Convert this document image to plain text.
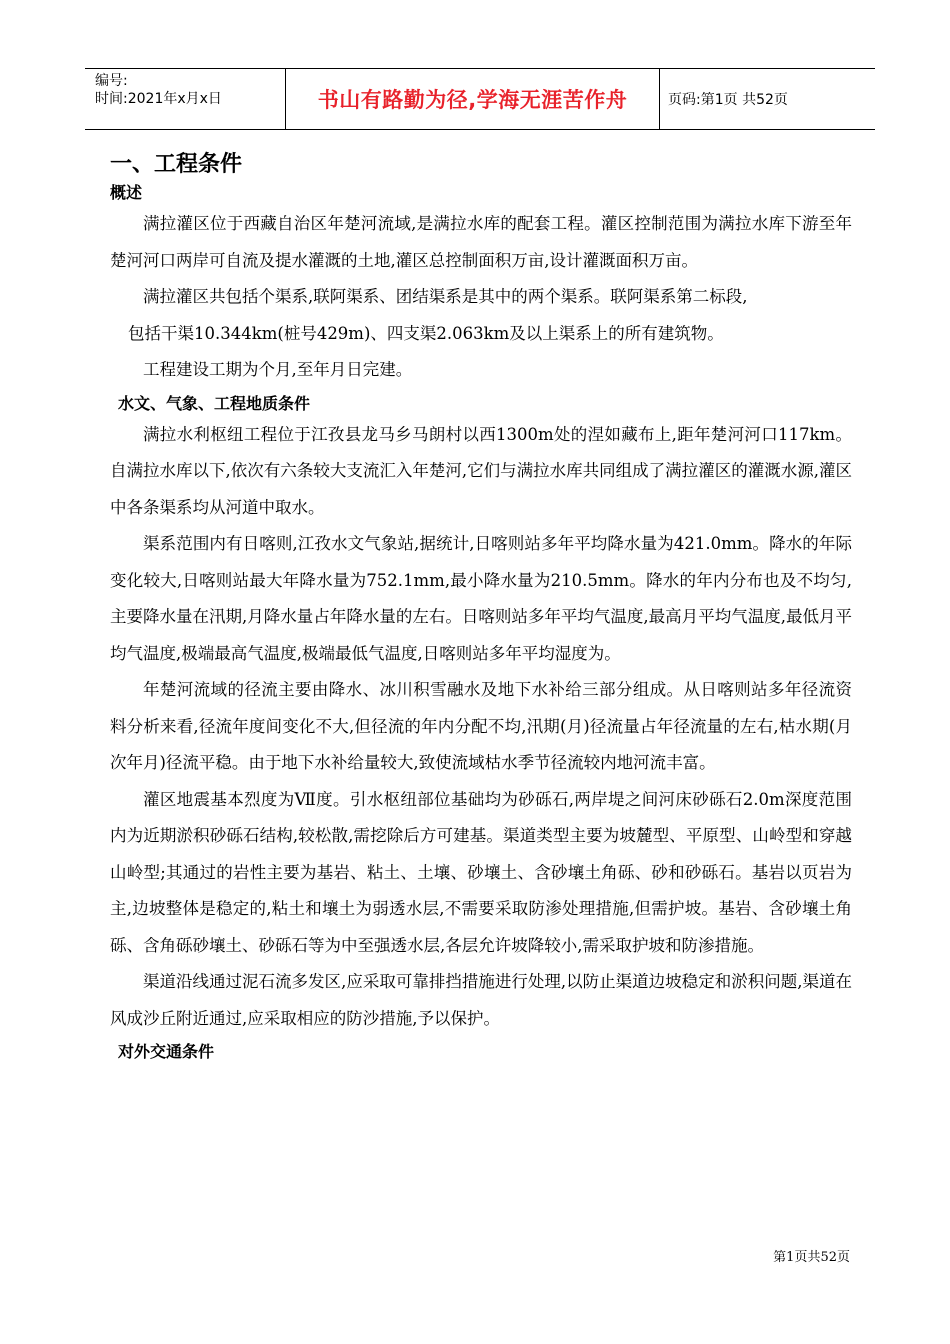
编号:
时间:2021年x月x日	书山有路勤为径,学海无涯苦作舟	页码:第1页 共52页
一、工程条件
概述

满拉灌区位于西藏自治区年楚河流域,是满拉水库的配套工程。灌区控制范围为满拉水库下游至年楚河河口两岸可自流及提水灌溉的土地,灌区总控制面积万亩,设计灌溉面积万亩。

满拉灌区共包括个渠系,联阿渠系、团结渠系是其中的两个渠系。联阿渠系第二标段,

包括干渠10.344km(桩号429m)、四支渠2.063km及以上渠系上的所有建筑物。

工程建设工期为个月,至年月日完建。

水文、气象、工程地质条件

满拉水利枢纽工程位于江孜县龙马乡马朗村以西1300m处的涅如藏布上,距年楚河河口117km。自满拉水库以下,依次有六条较大支流汇入年楚河,它们与满拉水库共同组成了满拉灌区的灌溉水源,灌区中各条渠系均从河道中取水。

渠系范围内有日喀则,江孜水文气象站,据统计,日喀则站多年平均降水量为421.0mm。降水的年际变化较大,日喀则站最大年降水量为752.1mm,最小降水量为210.5mm。降水的年内分布也及不均匀,主要降水量在汛期,月降水量占年降水量的左右。日喀则站多年平均气温度,最高月平均气温度,最低月平均气温度,极端最高气温度,极端最低气温度,日喀则站多年平均湿度为。

年楚河流域的径流主要由降水、冰川积雪融水及地下水补给三部分组成。从日喀则站多年径流资料分析来看,径流年度间变化不大,但径流的年内分配不均,汛期(月)径流量占年径流量的左右,枯水期(月次年月)径流平稳。由于地下水补给量较大,致使流域枯水季节径流较内地河流丰富。

灌区地震基本烈度为Ⅶ度。引水枢纽部位基础均为砂砾石,两岸堤之间河床砂砾石2.0m深度范围内为近期淤积砂砾石结构,较松散,需挖除后方可建基。渠道类型主要为坡麓型、平原型、山岭型和穿越山岭型;其通过的岩性主要为基岩、粘土、土壤、砂壤土、含砂壤土角砾、砂和砂砾石。基岩以页岩为主,边坡整体是稳定的,粘土和壤土为弱透水层,不需要采取防渗处理措施,但需护坡。基岩、含砂壤土角砾、含角砾砂壤土、砂砾石等为中至强透水层,各层允许坡降较小,需采取护坡和防渗措施。

渠道沿线通过泥石流多发区,应采取可靠排挡措施进行处理,以防止渠道边坡稳定和淤积问题,渠道在风成沙丘附近通过,应采取相应的防沙措施,予以保护。

对外交通条件
第1页共52页
